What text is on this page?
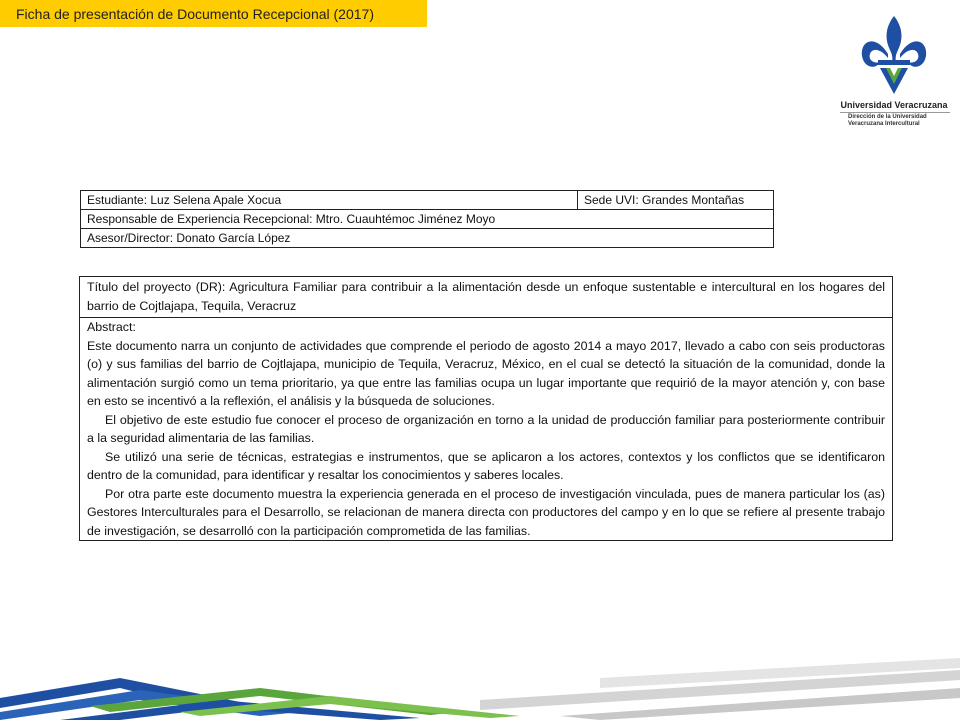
Ficha de presentación de Documento Recepcional (2017)
Universidad Veracruzana
Dirección de la Universidad
Veracruzana Intercultural
Estudiante: Luz Selena Apale Xocua	Sede UVI: Grandes Montañas
Responsable de Experiencia Recepcional: Mtro. Cuauhtémoc Jiménez Moyo
Asesor/Director: Donato García López
Título del proyecto (DR): Agricultura Familiar para contribuir a la alimentación desde un enfoque sustentable e intercultural en los hogares del barrio de Cojtlajapa, Tequila, Veracruz

Abstract:

Este documento narra un conjunto de actividades que comprende el periodo de agosto 2014 a mayo 2017, llevado a cabo con seis productoras (o) y sus familias del barrio de Cojtlajapa, municipio de Tequila, Veracruz, México, en el cual se detectó la situación de la comunidad, donde la alimentación surgió como un tema prioritario, ya que entre las familias ocupa un lugar importante que requirió de la mayor atención y, con base en esto se incentivó a la reflexión, el análisis y la búsqueda de soluciones.

El objetivo de este estudio fue conocer el proceso de organización en torno a la unidad de producción familiar para posteriormente contribuir a la seguridad alimentaria de las familias.

Se utilizó una serie de técnicas, estrategias e instrumentos, que se aplicaron a los actores, contextos y los conflictos que se identificaron dentro de la comunidad, para identificar y resaltar los conocimientos y saberes locales.

Por otra parte este documento muestra la experiencia generada en el proceso de investigación vinculada, pues de manera particular los (as) Gestores Interculturales para el Desarrollo, se relacionan de manera directa con productores del campo y en lo que se refiere al presente trabajo de investigación, se desarrolló con la participación comprometida de las familias.
